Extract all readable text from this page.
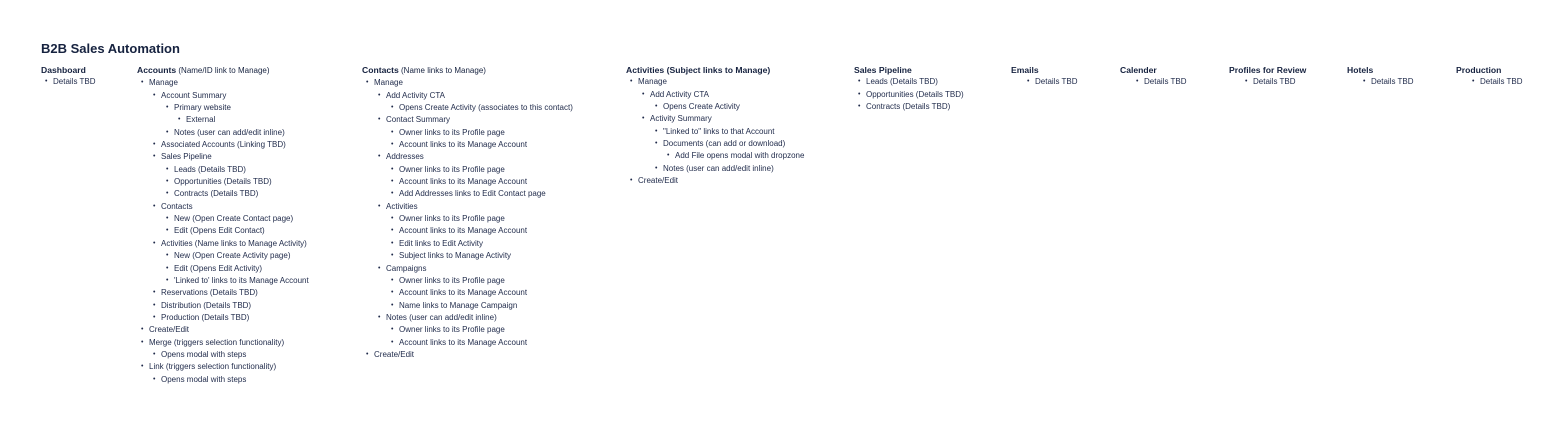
B2B Sales Automation
Dashboard
• Details TBD
Accounts (Name/ID link to Manage)
• Manage
• Account Summary
• Primary website
• External
• Notes (user can add/edit inline)
• Associated Accounts (Linking TBD)
• Sales Pipeline
• Leads (Details TBD)
• Opportunities (Details TBD)
• Contracts (Details TBD)
• Contacts
• New (Open Create Contact page)
• Edit (Opens Edit Contact)
• Activities (Name links to Manage Activity)
• New (Open Create Activity page)
• Edit (Opens Edit Activity)
• 'Linked to' links to its Manage Account
• Reservations (Details TBD)
• Distribution (Details TBD)
• Production (Details TBD)
• Create/Edit
• Merge (triggers selection functionality)
• Opens modal with steps
• Link (triggers selection functionality)
• Opens modal with steps
Contacts (Name links to Manage)
• Manage
• Add Activity CTA
• Opens Create Activity (associates to this contact)
• Contact Summary
• Owner links to its Profile page
• Account links to its Manage Account
• Addresses
• Owner links to its Profile page
• Account links to its Manage Account
• Add Addresses links to Edit Contact page
• Activities
• Owner links to its Profile page
• Account links to its Manage Account
• Edit links to Edit Activity
• Subject links to Manage Activity
• Campaigns
• Owner links to its Profile page
• Account links to its Manage Account
• Name links to Manage Campaign
• Notes (user can add/edit inline)
• Owner links to its Profile page
• Account links to its Manage Account
• Create/Edit
Activities (Subject links to Manage)
• Manage
• Add Activity CTA
• Opens Create Activity
• Activity Summary
• "Linked to" links to that Account
• Documents (can add or download)
• Add File opens modal with dropzone
• Notes (user can add/edit inline)
• Create/Edit
Sales Pipeline
• Leads (Details TBD)
• Opportunities (Details TBD)
• Contracts (Details TBD)
Emails
• Details TBD
Calender
• Details TBD
Profiles for Review
• Details TBD
Hotels
• Details TBD
Production
• Details TBD
